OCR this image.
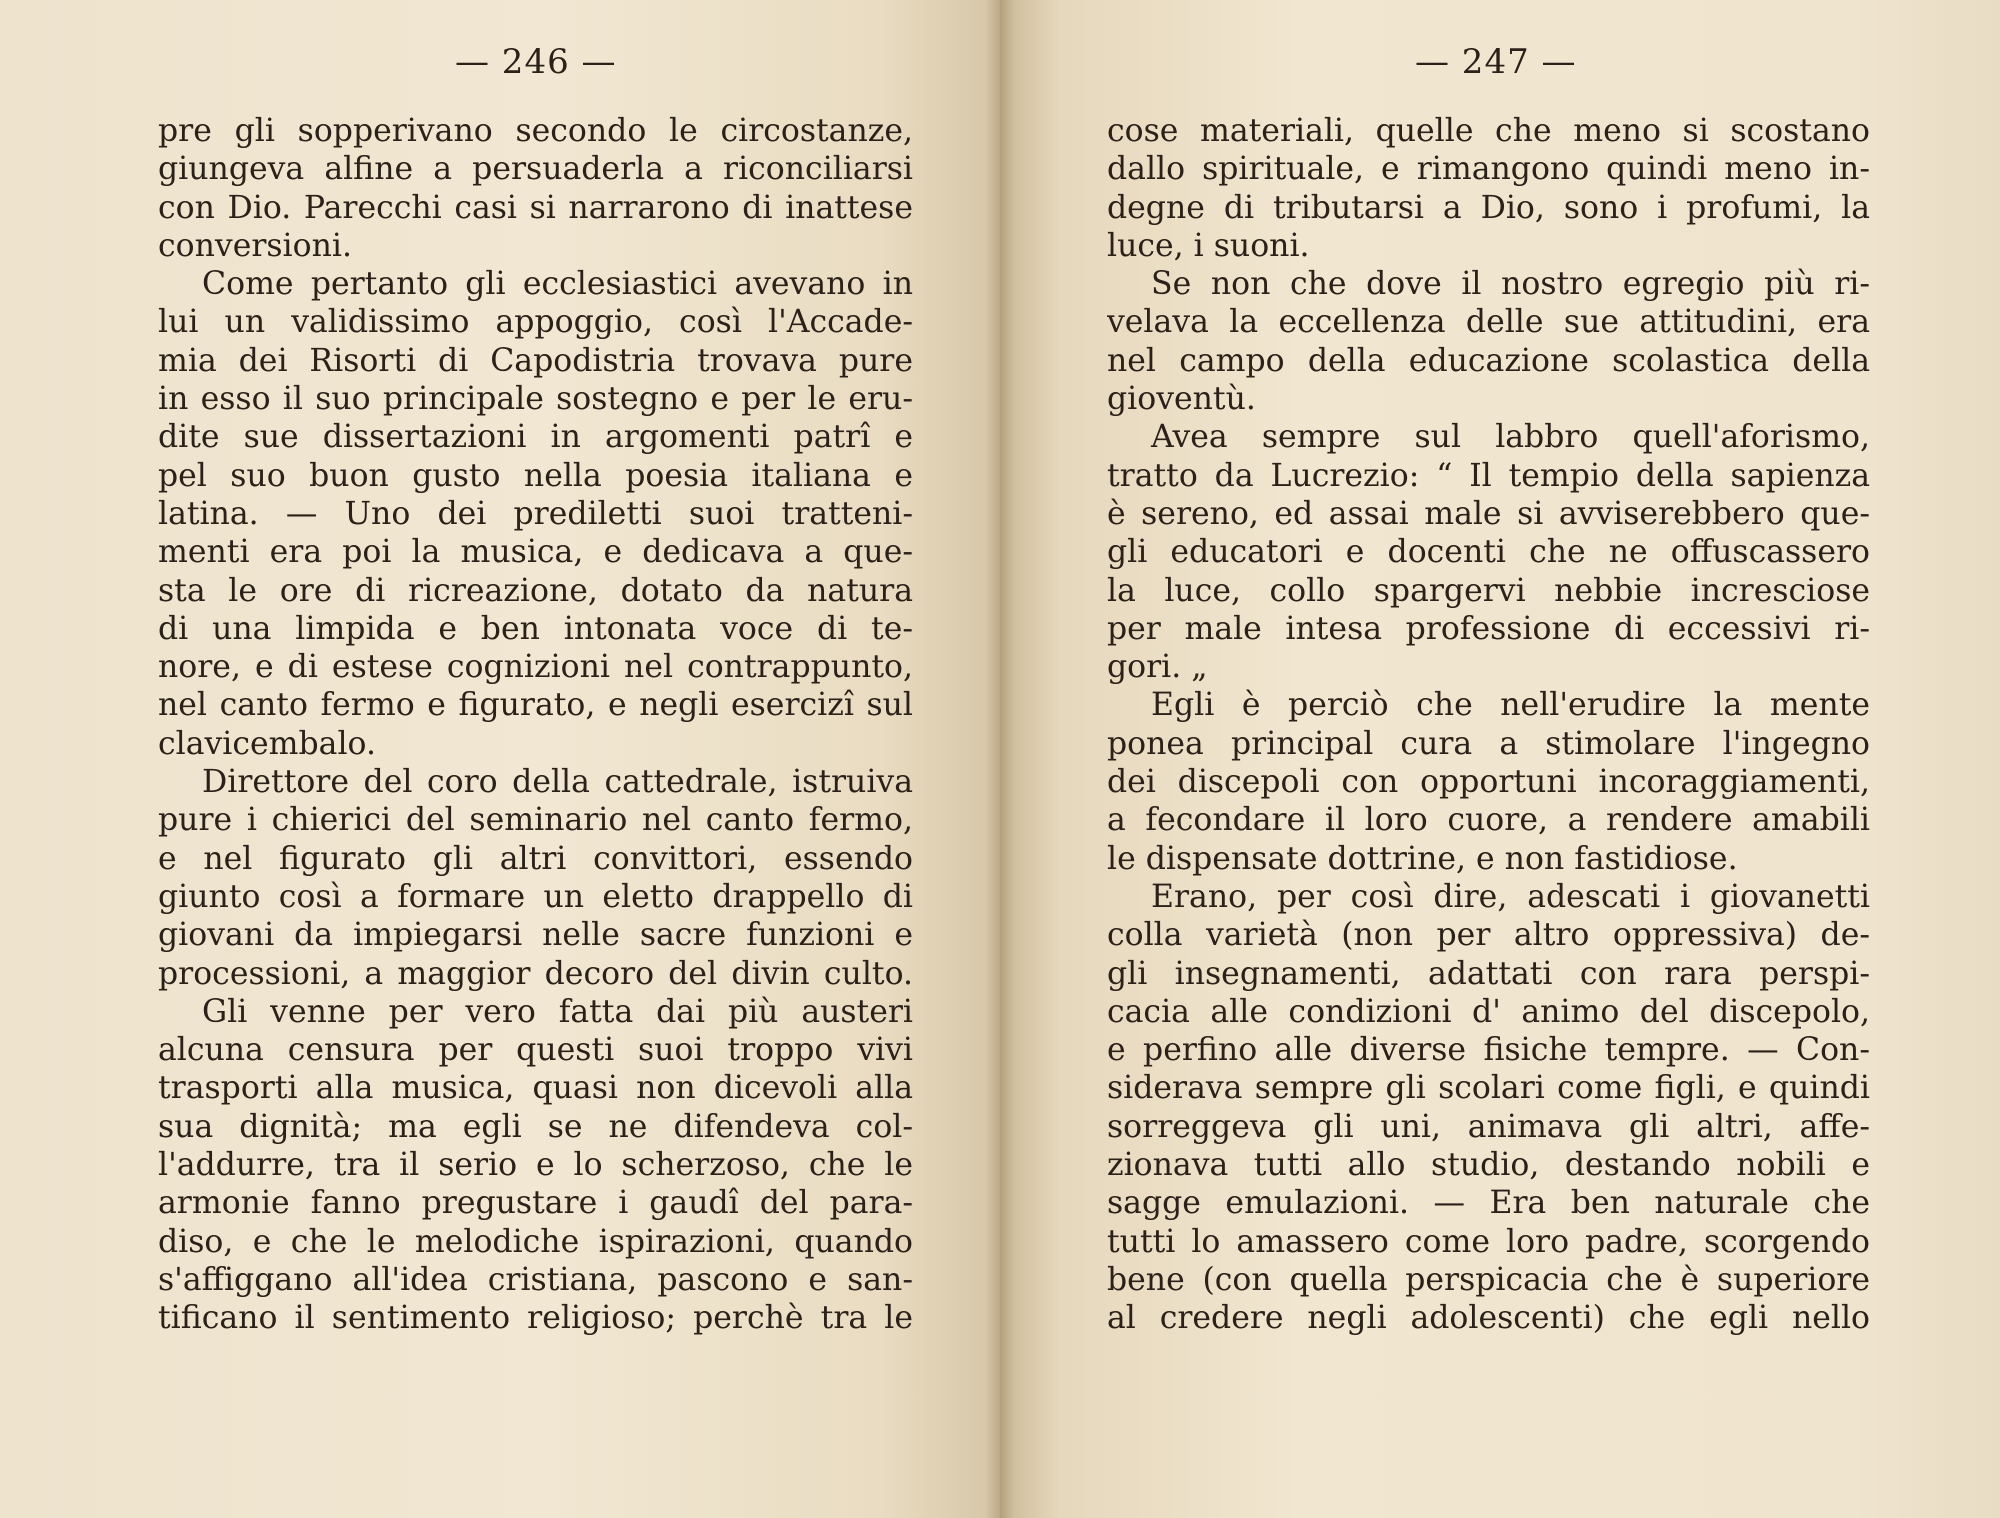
— 246 —
pre gli sopperivano secondo le circostanze,
giungeva alfine a persuaderla a riconciliarsi
con Dio. Parecchi casi si narrarono di inattese
conversioni.
Come pertanto gli ecclesiastici avevano in
lui un validissimo appoggio, così l'Accade-
mia dei Risorti di Capodistria trovava pure
in esso il suo principale sostegno e per le eru-
dite sue dissertazioni in argomenti patrî e
pel suo buon gusto nella poesia italiana e
latina. — Uno dei prediletti suoi tratteni-
menti era poi la musica, e dedicava a que-
sta le ore di ricreazione, dotato da natura
di una limpida e ben intonata voce di te-
nore, e di estese cognizioni nel contrappunto,
nel canto fermo e figurato, e negli esercizî sul
clavicembalo.
Direttore del coro della cattedrale, istruiva
pure i chierici del seminario nel canto fermo,
e nel figurato gli altri convittori, essendo
giunto così a formare un eletto drappello di
giovani da impiegarsi nelle sacre funzioni e
processioni, a maggior decoro del divin culto.
Gli venne per vero fatta dai più austeri
alcuna censura per questi suoi troppo vivi
trasporti alla musica, quasi non dicevoli alla
sua dignità; ma egli se ne difendeva col-
l'addurre, tra il serio e lo scherzoso, che le
armonie fanno pregustare i gaudî del para-
diso, e che le melodiche ispirazioni, quando
s'affiggano all'idea cristiana, pascono e san-
tificano il sentimento religioso; perchè tra le
— 247 —
cose materiali, quelle che meno si scostano
dallo spirituale, e rimangono quindi meno in-
degne di tributarsi a Dio, sono i profumi, la
luce, i suoni.
Se non che dove il nostro egregio più ri-
velava la eccellenza delle sue attitudini, era
nel campo della educazione scolastica della
gioventù.
Avea sempre sul labbro quell'aforismo,
tratto da Lucrezio: “ Il tempio della sapienza
è sereno, ed assai male si avviserebbero que-
gli educatori e docenti che ne offuscassero
la luce, collo spargervi nebbie incresciose
per male intesa professione di eccessivi ri-
gori. „
Egli è perciò che nell'erudire la mente
ponea principal cura a stimolare l'ingegno
dei discepoli con opportuni incoraggiamenti,
a fecondare il loro cuore, a rendere amabili
le dispensate dottrine, e non fastidiose.
Erano, per così dire, adescati i giovanetti
colla varietà (non per altro oppressiva) de-
gli insegnamenti, adattati con rara perspi-
cacia alle condizioni d' animo del discepolo,
e perfino alle diverse fisiche tempre. — Con-
siderava sempre gli scolari come figli, e quindi
sorreggeva gli uni, animava gli altri, affe-
zionava tutti allo studio, destando nobili e
sagge emulazioni. — Era ben naturale che
tutti lo amassero come loro padre, scorgendo
bene (con quella perspicacia che è superiore
al credere negli adolescenti) che egli nello
